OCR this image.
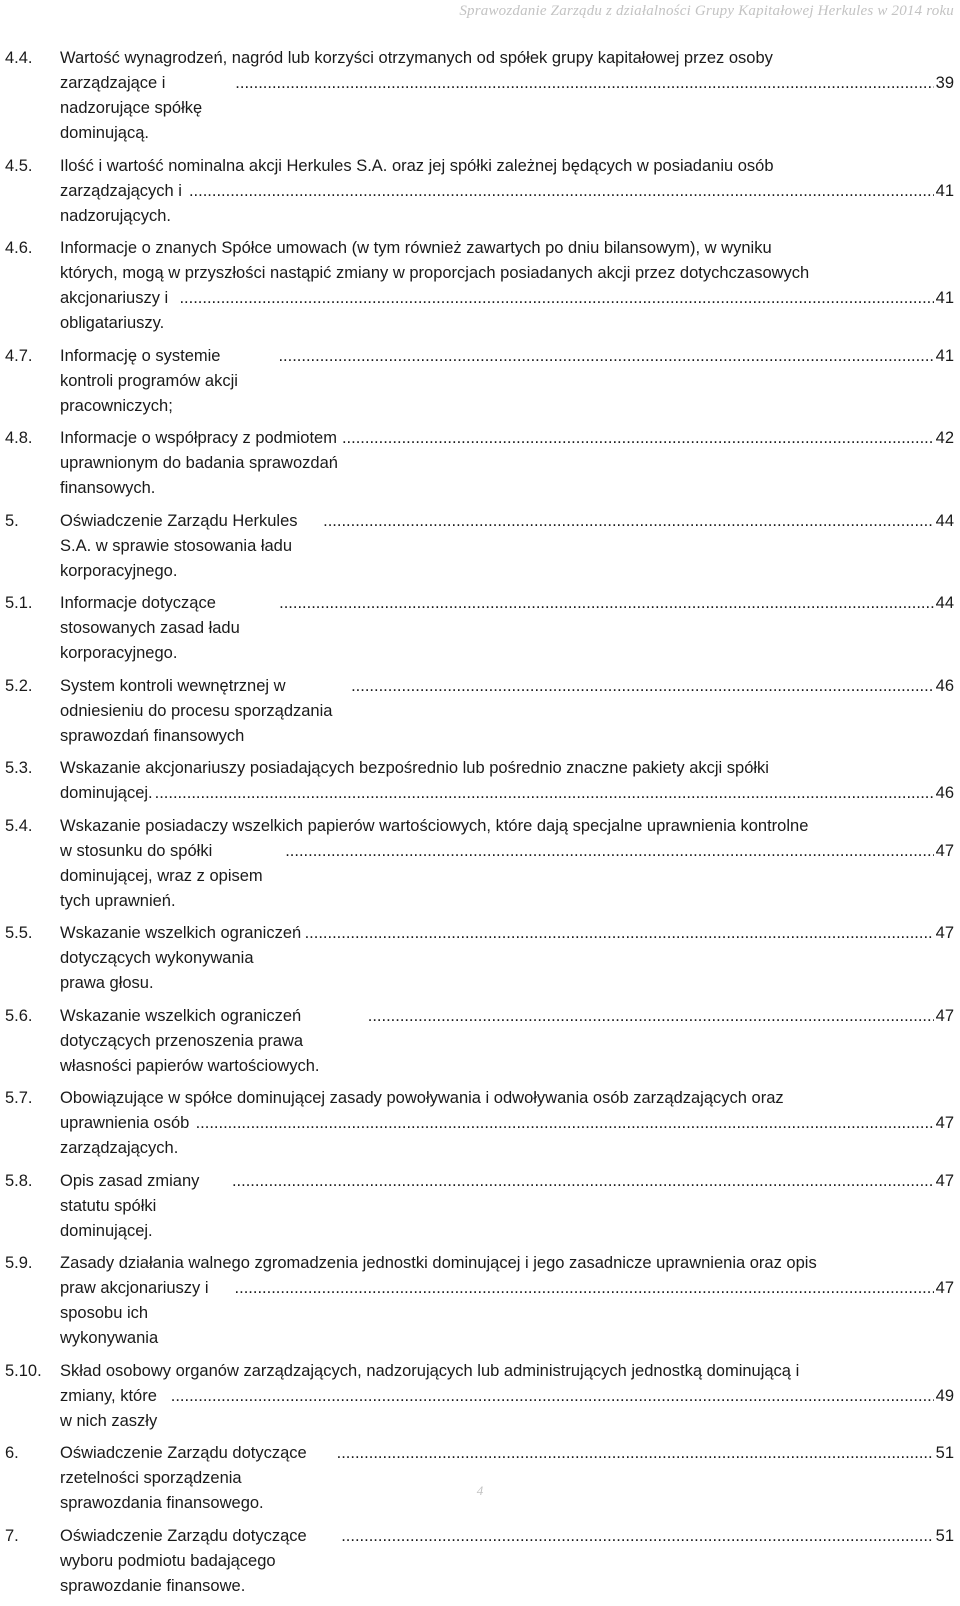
Sprawozdanie Zarządu z działalności Grupy Kapitałowej Herkules w 2014 roku
4.4.	Wartość wynagrodzeń, nagród lub korzyści otrzymanych od spółek grupy kapitałowej przez osoby
zarządzające i nadzorujące spółkę dominującą.
.....
39
4.5.	Ilość i wartość nominalna akcji Herkules S.A. oraz jej spółki zależnej będących w posiadaniu osób
zarządzających i nadzorujących.
.....
41
4.6.	Informacje o znanych Spółce umowach (w tym również zawartych po dniu bilansowym), w wyniku
których, mogą w przyszłości nastąpić zmiany w proporcjach posiadanych akcji przez dotychczasowych
akcjonariuszy i obligatariuszy.
.....
41
4.7.	Informację o systemie kontroli programów akcji pracowniczych;
.....
41
4.8.	Informacje o współpracy z podmiotem uprawnionym do badania sprawozdań finansowych.
.....
42
5.	Oświadczenie Zarządu Herkules S.A. w sprawie stosowania ładu korporacyjnego.
.....
44
5.1.	Informacje dotyczące stosowanych zasad ładu korporacyjnego.
.....
44
5.2.	System kontroli wewnętrznej w odniesieniu do procesu sporządzania sprawozdań finansowych
.....
46
5.3.	Wskazanie akcjonariuszy posiadających bezpośrednio lub pośrednio znaczne pakiety akcji spółki
dominującej.
.....	46
5.4.	Wskazanie posiadaczy wszelkich papierów wartościowych, które dają specjalne uprawnienia kontrolne
w stosunku do spółki dominującej, wraz z opisem tych uprawnień.
.....
47
5.5.	Wskazanie wszelkich ograniczeń dotyczących wykonywania prawa głosu.
.....
47
5.6.	Wskazanie wszelkich ograniczeń dotyczących przenoszenia prawa własności papierów wartościowych.
.....
47
5.7.	Obowiązujące w spółce dominującej zasady powoływania i odwoływania osób zarządzających oraz
uprawnienia osób zarządzających.
.....
47
5.8.	Opis zasad zmiany statutu spółki dominującej.
.....
47
5.9.	Zasady działania walnego zgromadzenia jednostki dominującej i jego zasadnicze uprawnienia oraz opis
praw akcjonariuszy i sposobu ich wykonywania
.....
47
5.10.	Skład osobowy organów zarządzających, nadzorujących lub administrujących jednostką dominującą i
zmiany, które w nich zaszły
.....
49
6.	Oświadczenie Zarządu dotyczące rzetelności sporządzenia sprawozdania finansowego.
.....
51
7.	Oświadczenie Zarządu dotyczące wyboru podmiotu badającego sprawozdanie finansowe.
.....
51
4
